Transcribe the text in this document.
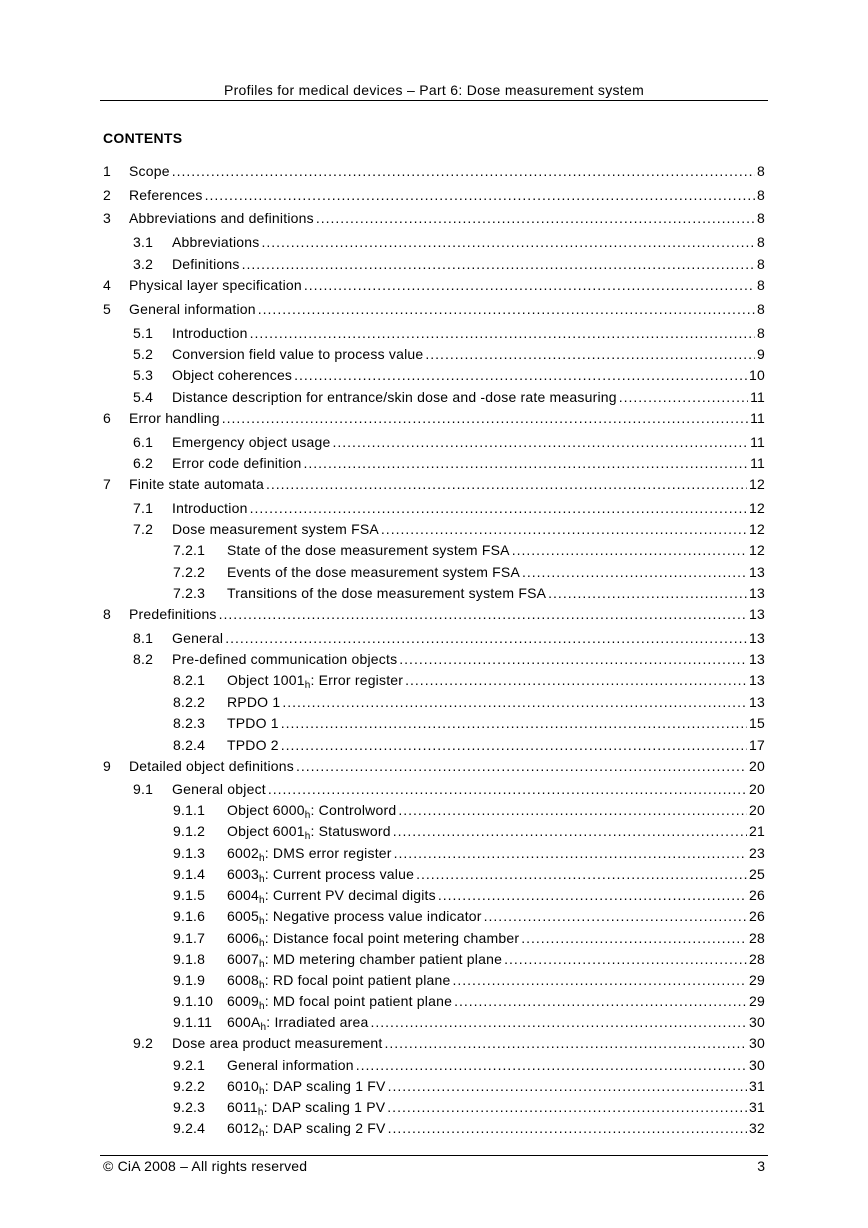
Profiles for medical devices – Part 6: Dose measurement system
CONTENTS
1 Scope .....	8
2 References .....	8
3 Abbreviations and definitions .....	8
3.1 Abbreviations .....	8
3.2 Definitions .....	8
4 Physical layer specification .....	8
5 General information .....	8
5.1 Introduction .....	8
5.2 Conversion field value to process value .....	9
5.3 Object coherences .....	10
5.4 Distance description for entrance/skin dose and -dose rate measuring .....	11
6 Error handling .....	11
6.1 Emergency object usage .....	11
6.2 Error code definition .....	11
7 Finite state automata .....	12
7.1 Introduction .....	12
7.2 Dose measurement system FSA .....	12
7.2.1 State of the dose measurement system FSA .....	12
7.2.2 Events of the dose measurement system FSA .....	13
7.2.3 Transitions of the dose measurement system FSA .....	13
8 Predefinitions .....	13
8.1 General .....	13
8.2 Pre-defined communication objects .....	13
8.2.1 Object $1001_h$: Error register .....	13
8.2.2 RPDO 1 .....	13
8.2.3 TPDO 1 .....	15
8.2.4 TPDO 2 .....	17
9 Detailed object definitions .....	20
9.1 General object .....	20
9.1.1 Object $6000_h$: Controlword .....	20
9.1.2 Object $6001_h$: Statusword .....	21
9.1.3 $6002_h$: DMS error register .....	23
9.1.4 $6003_h$: Current process value .....	25
9.1.5 $6004_h$: Current PV decimal digits .....	26
9.1.6 $6005_h$: Negative process value indicator .....	26
9.1.7 $6006_h$: Distance focal point metering chamber .....	28
9.1.8 $6007_h$: MD metering chamber patient plane .....	28
9.1.9 $6008_h$: RD focal point patient plane .....	29
9.1.10 $6009_h$: MD focal point patient plane .....	29
9.1.11 $600A_h$: Irradiated area .....	30
9.2 Dose area product measurement .....	30
9.2.1 General information .....	30
9.2.2 $6010_h$: DAP scaling 1 FV .....	31
9.2.3 $6011_h$: DAP scaling 1 PV .....	31
9.2.4 $6012_h$: DAP scaling 2 FV .....	32
© CiA 2008 – All rights reserved	3
